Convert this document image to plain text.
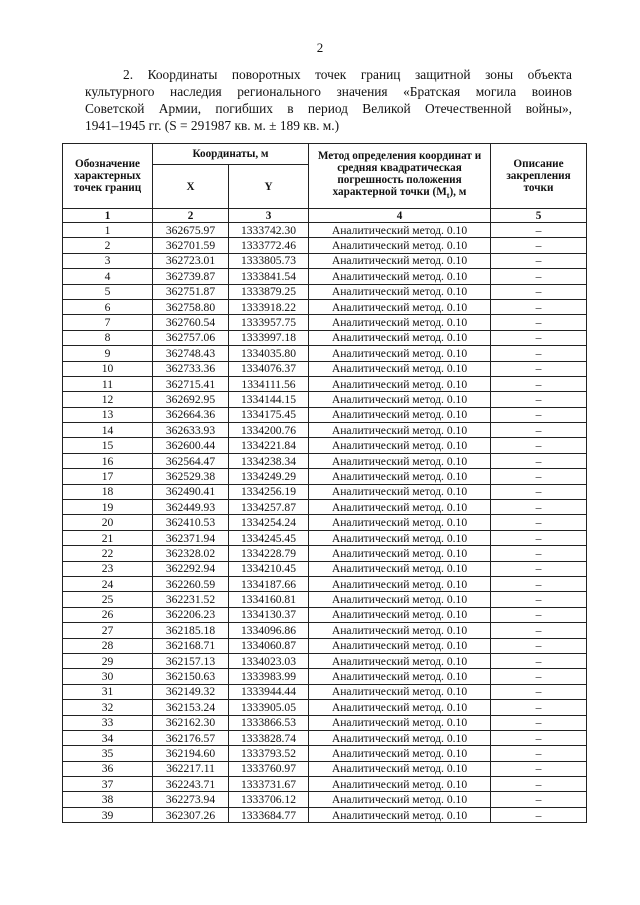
2
2. Координаты поворотных точек границ защитной зоны объекта
культурного наследия регионального значения «Братская могила воинов
Советской Армии, погибших в период Великой Отечественной войны»,
1941–1945 гг. (S = 291987 кв. м. ± 189 кв. м.)
Обозначение характерных точек границ	Координаты, м		Метод определения координат и средняя квадратическая погрешность положения характерной точки $(M_t)$, м	Описание закрепления точки
	X	Y		
1	2	3	4	5
1	362675.97	1333742.30	Аналитический метод. 0.10	–
2	362701.59	1333772.46	Аналитический метод. 0.10	–
3	362723.01	1333805.73	Аналитический метод. 0.10	–
4	362739.87	1333841.54	Аналитический метод. 0.10	–
5	362751.87	1333879.25	Аналитический метод. 0.10	–
6	362758.80	1333918.22	Аналитический метод. 0.10	–
7	362760.54	1333957.75	Аналитический метод. 0.10	–
8	362757.06	1333997.18	Аналитический метод. 0.10	–
9	362748.43	1334035.80	Аналитический метод. 0.10	–
10	362733.36	1334076.37	Аналитический метод. 0.10	–
11	362715.41	1334111.56	Аналитический метод. 0.10	–
12	362692.95	1334144.15	Аналитический метод. 0.10	–
13	362664.36	1334175.45	Аналитический метод. 0.10	–
14	362633.93	1334200.76	Аналитический метод. 0.10	–
15	362600.44	1334221.84	Аналитический метод. 0.10	–
16	362564.47	1334238.34	Аналитический метод. 0.10	–
17	362529.38	1334249.29	Аналитический метод. 0.10	–
18	362490.41	1334256.19	Аналитический метод. 0.10	–
19	362449.93	1334257.87	Аналитический метод. 0.10	–
20	362410.53	1334254.24	Аналитический метод. 0.10	–
21	362371.94	1334245.45	Аналитический метод. 0.10	–
22	362328.02	1334228.79	Аналитический метод. 0.10	–
23	362292.94	1334210.45	Аналитический метод. 0.10	–
24	362260.59	1334187.66	Аналитический метод. 0.10	–
25	362231.52	1334160.81	Аналитический метод. 0.10	–
26	362206.23	1334130.37	Аналитический метод. 0.10	–
27	362185.18	1334096.86	Аналитический метод. 0.10	–
28	362168.71	1334060.87	Аналитический метод. 0.10	–
29	362157.13	1334023.03	Аналитический метод. 0.10	–
30	362150.63	1333983.99	Аналитический метод. 0.10	–
31	362149.32	1333944.44	Аналитический метод. 0.10	–
32	362153.24	1333905.05	Аналитический метод. 0.10	–
33	362162.30	1333866.53	Аналитический метод. 0.10	–
34	362176.57	1333828.74	Аналитический метод. 0.10	–
35	362194.60	1333793.52	Аналитический метод. 0.10	–
36	362217.11	1333760.97	Аналитический метод. 0.10	–
37	362243.71	1333731.67	Аналитический метод. 0.10	–
38	362273.94	1333706.12	Аналитический метод. 0.10	–
39	362307.26	1333684.77	Аналитический метод. 0.10	–
